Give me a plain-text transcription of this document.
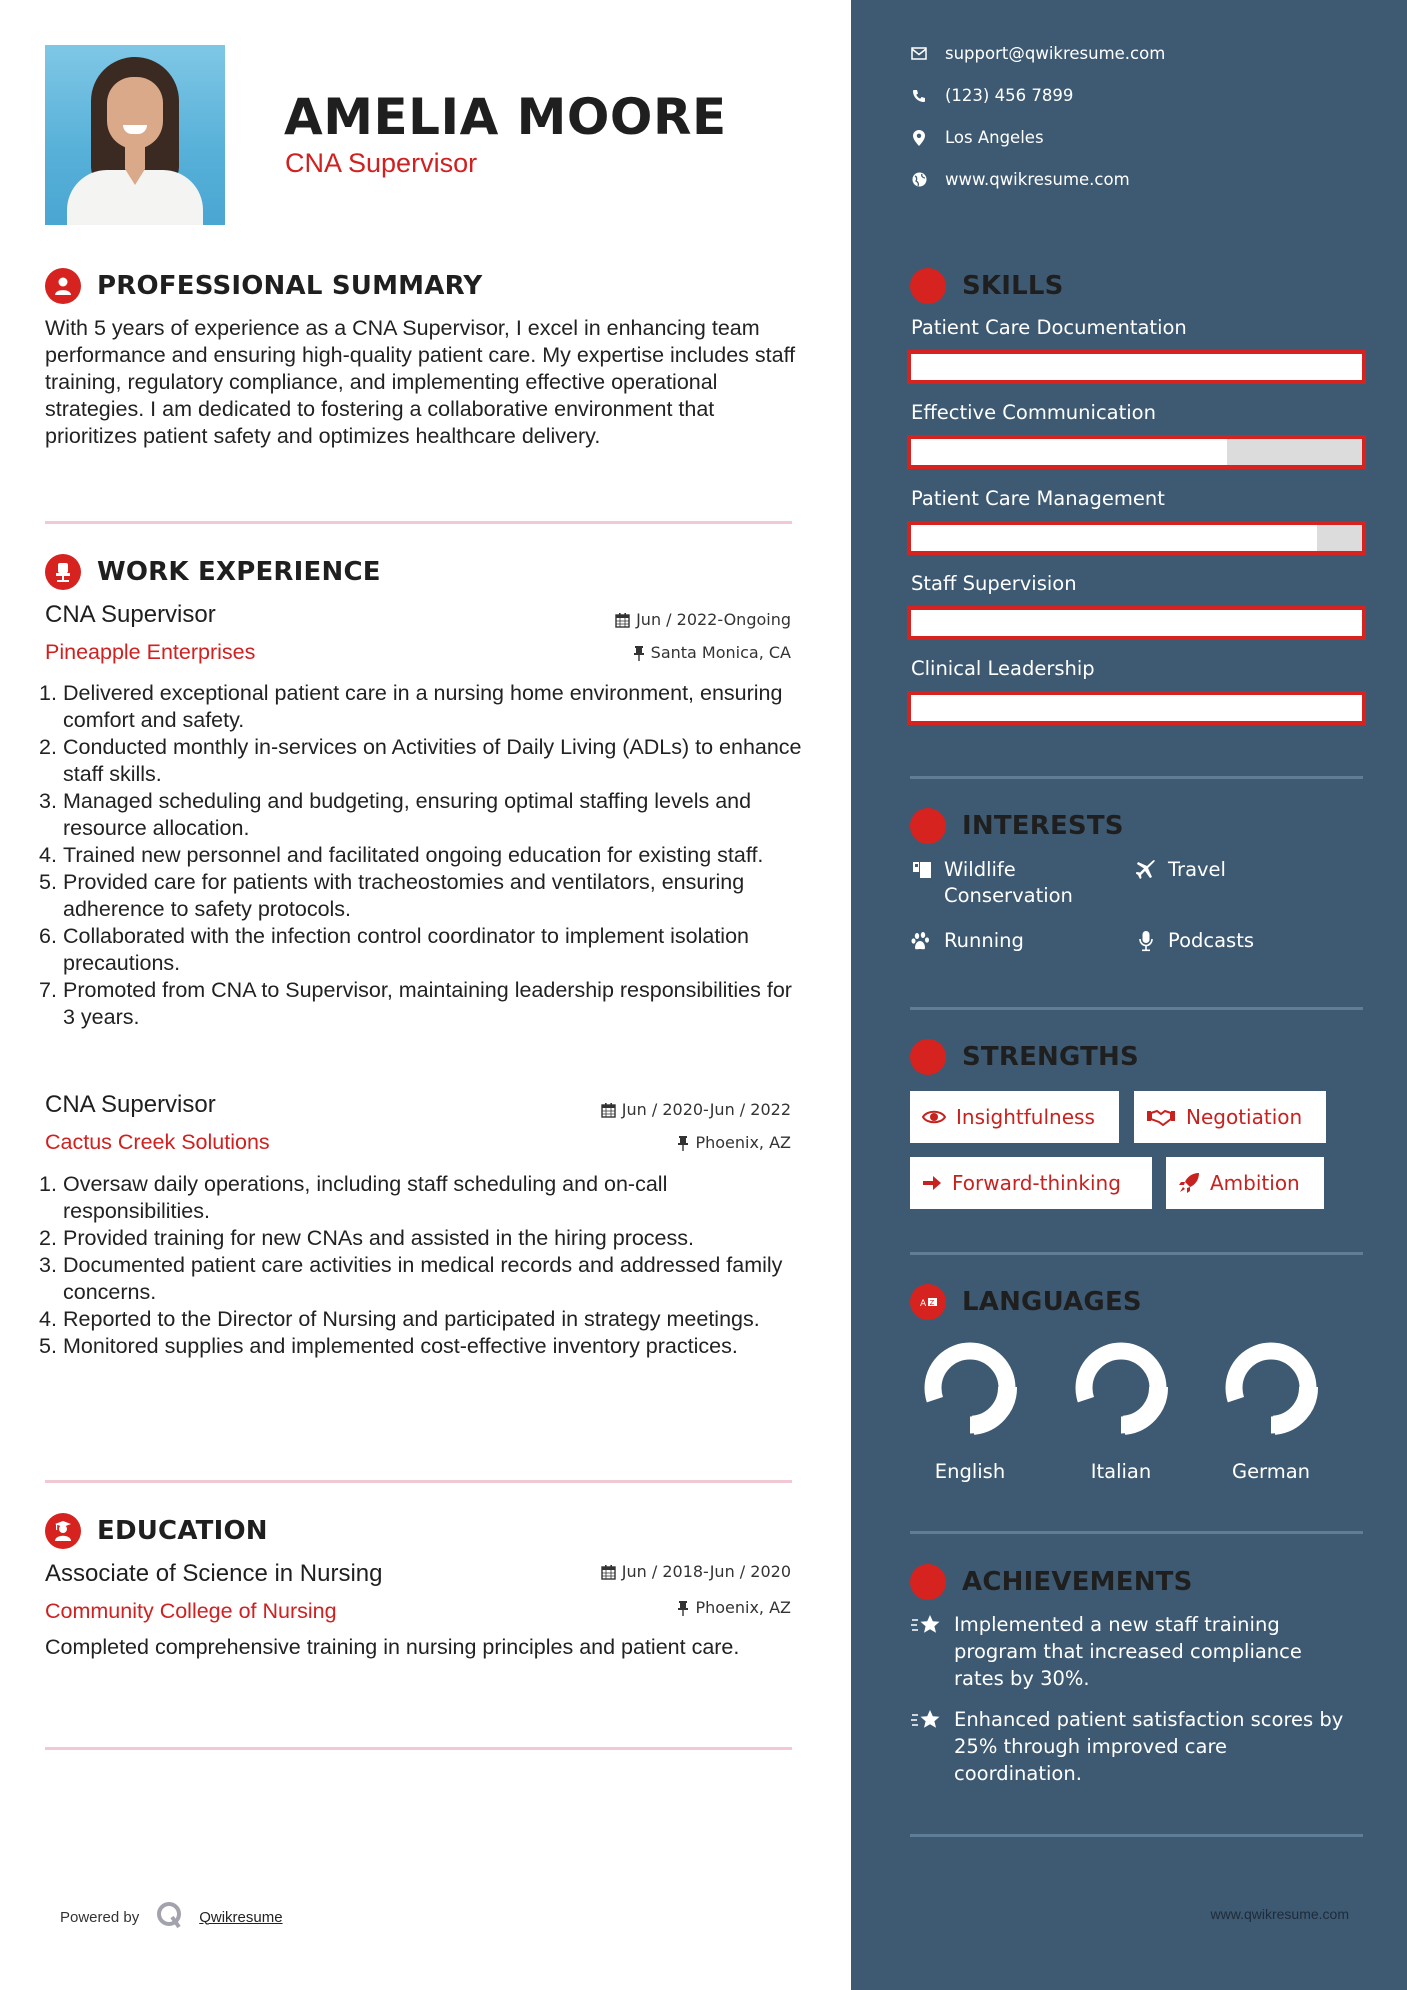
AMELIA MOORE
CNA Supervisor
PROFESSIONAL SUMMARY

With 5 years of experience as a CNA Supervisor, I excel in enhancing team performance and ensuring high-quality patient care. My expertise includes staff training, regulatory compliance, and implementing effective operational strategies. I am dedicated to fostering a collaborative environment that prioritizes patient safety and optimizes healthcare delivery.

WORK EXPERIENCE
CNA Supervisor	Jun / 2022-Ongoing
Pineapple Enterprises	Santa Monica, CA
1. Delivered exceptional patient care in a nursing home environment, ensuring comfort and safety.
2. Conducted monthly in-services on Activities of Daily Living (ADLs) to enhance staff skills.
3. Managed scheduling and budgeting, ensuring optimal staffing levels and resource allocation.
4. Trained new personnel and facilitated ongoing education for existing staff.
5. Provided care for patients with tracheostomies and ventilators, ensuring adherence to safety protocols.
6. Collaborated with the infection control coordinator to implement isolation precautions.
7. Promoted from CNA to Supervisor, maintaining leadership responsibilities for 3 years.
CNA Supervisor	Jun / 2020-Jun / 2022
Cactus Creek Solutions	Phoenix, AZ
1. Oversaw daily operations, including staff scheduling and on-call responsibilities.
2. Provided training for new CNAs and assisted in the hiring process.
3. Documented patient care activities in medical records and addressed family concerns.
4. Reported to the Director of Nursing and participated in strategy meetings.
5. Monitored supplies and implemented cost-effective inventory practices.
EDUCATION
Associate of Science in Nursing	Jun / 2018-Jun / 2020
Community College of Nursing	Phoenix, AZ

Completed comprehensive training in nursing principles and patient care.

Powered by	Qwikresume
support@qwikresume.com
(123) 456 7899
Los Angeles
www.qwikresume.com
SKILLS
Patient Care Documentation
Effective Communication
Patient Care Management
Staff Supervision
Clinical Leadership
INTERESTS
Wildlife Conservation
Travel
Running	Podcasts
STRENGTHS
Insightfulness	Negotiation
Forward-thinking	Ambition
A Z LANGUAGES
English	Italian	German
ACHIEVEMENTS
Implemented a new staff training program that increased compliance rates by 30%.
Enhanced patient satisfaction scores by 25% through improved care coordination.
www.qwikresume.com
